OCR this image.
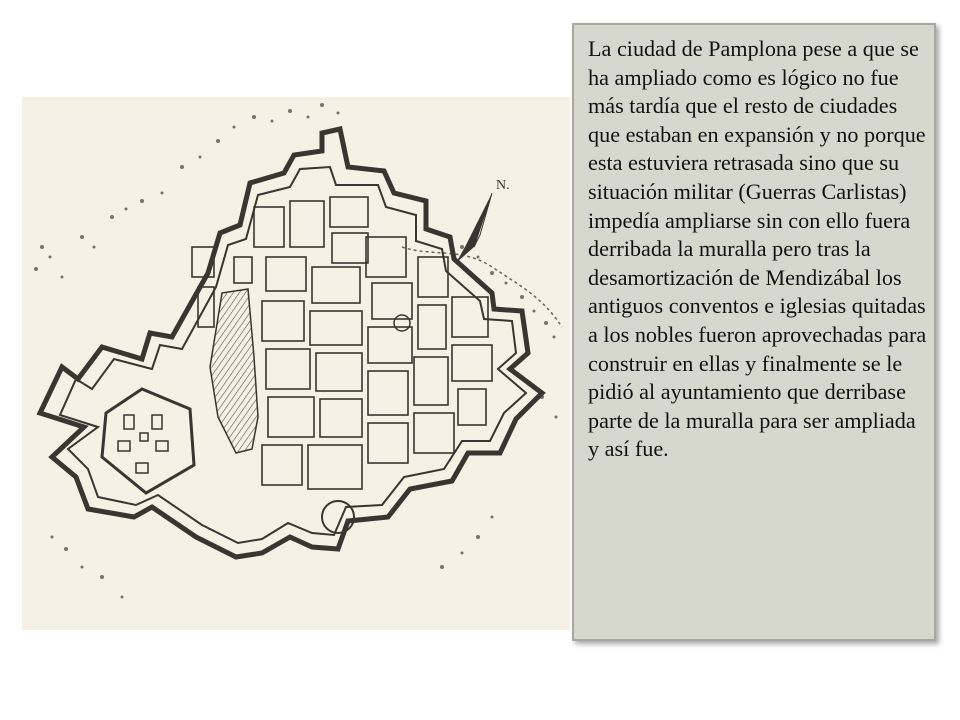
N.

La ciudad de Pamplona pese a que se ha ampliado como es lógico no fue más tardía que el resto de ciudades que estaban en expansión y no porque esta estuviera retrasada sino que su situación militar (Guerras Carlistas) impedía ampliarse sin con ello fuera derribada la muralla pero tras la desamortización de Mendizábal los antiguos conventos e iglesias quitadas a los nobles fueron aprovechadas para construir en ellas y finalmente se le pidió al ayuntamiento que derribase parte de la muralla para ser ampliada y así fue.
